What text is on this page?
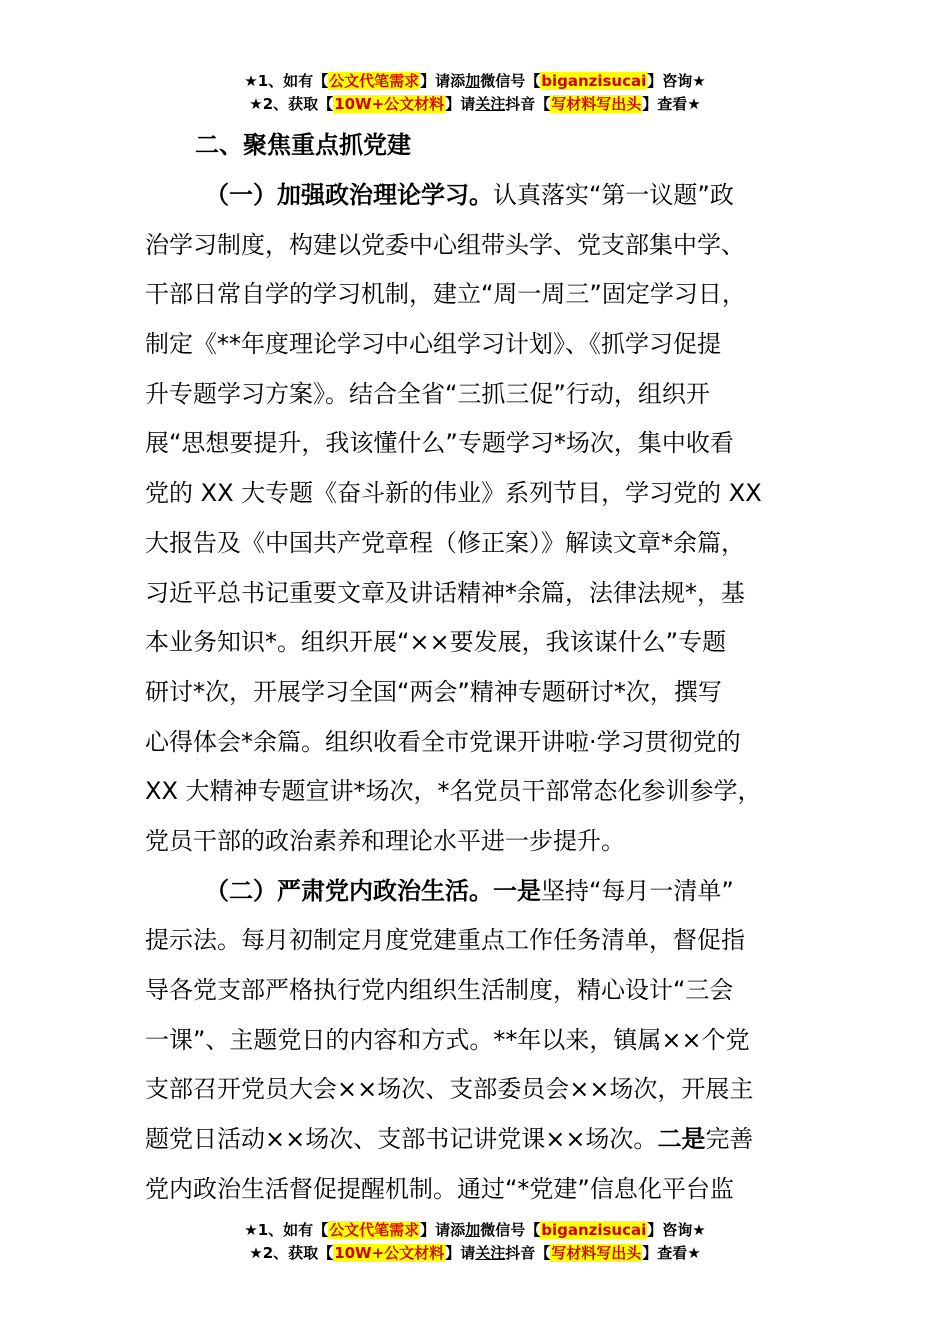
★1、如有【公文代笔需求】请添加微信号【biganzisucai】咨询★
★2、获取【10W+公文材料】请关注抖音【写材料写出头】查看★
二、聚焦重点抓党建
（一）加强政治理论学习。认真落实“第一议题”政
治学习制度，构建以党委中心组带头学、党支部集中学、
干部日常自学的学习机制，建立“周一周三”固定学习日，
制定《**年度理论学习中心组学习计划》、《抓学习促提
升专题学习方案》。结合全省“三抓三促”行动，组织开
展“思想要提升，我该懂什么”专题学习*场次，集中收看
党的 XX 大专题《奋斗新的伟业》系列节目，学习党的 XX
大报告及《中国共产党章程（修正案）》解读文章*余篇，
习近平总书记重要文章及讲话精神*余篇，法律法规*，基
本业务知识*。组织开展“××要发展，我该谋什么”专题
研讨*次，开展学习全国“两会”精神专题研讨*次，撰写
心得体会*余篇。组织收看全市党课开讲啦·学习贯彻党的
XX 大精神专题宣讲*场次，*名党员干部常态化参训参学，
党员干部的政治素养和理论水平进一步提升。
（二）严肃党内政治生活。一是坚持“每月一清单”
提示法。每月初制定月度党建重点工作任务清单，督促指
导各党支部严格执行党内组织生活制度，精心设计“三会
一课”、主题党日的内容和方式。**年以来，镇属××个党
支部召开党员大会××场次、支部委员会××场次，开展主
题党日活动××场次、支部书记讲党课××场次。二是完善
党内政治生活督促提醒机制。通过“*党建”信息化平台监
★1、如有【公文代笔需求】请添加微信号【biganzisucai】咨询★
★2、获取【10W+公文材料】请关注抖音【写材料写出头】查看★
